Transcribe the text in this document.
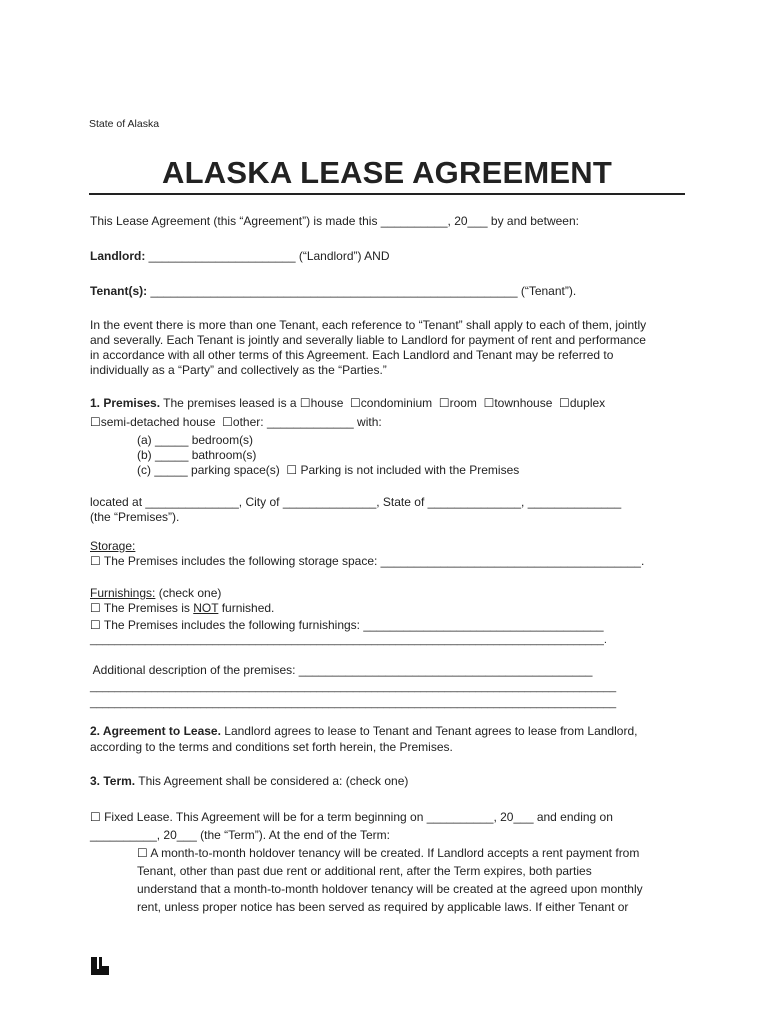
State of Alaska
ALASKA LEASE AGREEMENT
This Lease Agreement (this “Agreement”) is made this __________, 20___ by and between:
Landlord: ______________________ (“Landlord”) AND
Tenant(s): _______________________________________________________ (“Tenant”).
In the event there is more than one Tenant, each reference to “Tenant” shall apply to each of them, jointly
and severally. Each Tenant is jointly and severally liable to Landlord for payment of rent and performance
in accordance with all other terms of this Agreement. Each Landlord and Tenant may be referred to
individually as a “Party” and collectively as the “Parties.”
1. Premises. The premises leased is a ☐house  ☐condominium  ☐room  ☐townhouse  ☐duplex
☐semi-detached house  ☐other: _____________ with:
(a) _____ bedroom(s)
(b) _____ bathroom(s)
(c) _____ parking space(s)  ☐ Parking is not included with the Premises
located at ______________, City of ______________, State of ______________, ______________
(the “Premises”).
Storage:
☐ The Premises includes the following storage space: _______________________________________.
Furnishings: (check one)
☐ The Premises is NOT furnished.
☐ The Premises includes the following furnishings: ____________________________________
____________________________________________________________________________________.
Additional description of the premises: ____________________________________________
______________________________________________________________________________________
______________________________________________________________________________________
2. Agreement to Lease. Landlord agrees to lease to Tenant and Tenant agrees to lease from Landlord,
according to the terms and conditions set forth herein, the Premises.
3. Term. This Agreement shall be considered a: (check one)
☐ Fixed Lease. This Agreement will be for a term beginning on __________, 20___ and ending on
__________, 20___ (the “Term”). At the end of the Term:
☐ A month-to-month holdover tenancy will be created. If Landlord accepts a rent payment from
Tenant, other than past due rent or additional rent, after the Term expires, both parties
understand that a month-to-month holdover tenancy will be created at the agreed upon monthly
rent, unless proper notice has been served as required by applicable laws. If either Tenant or
